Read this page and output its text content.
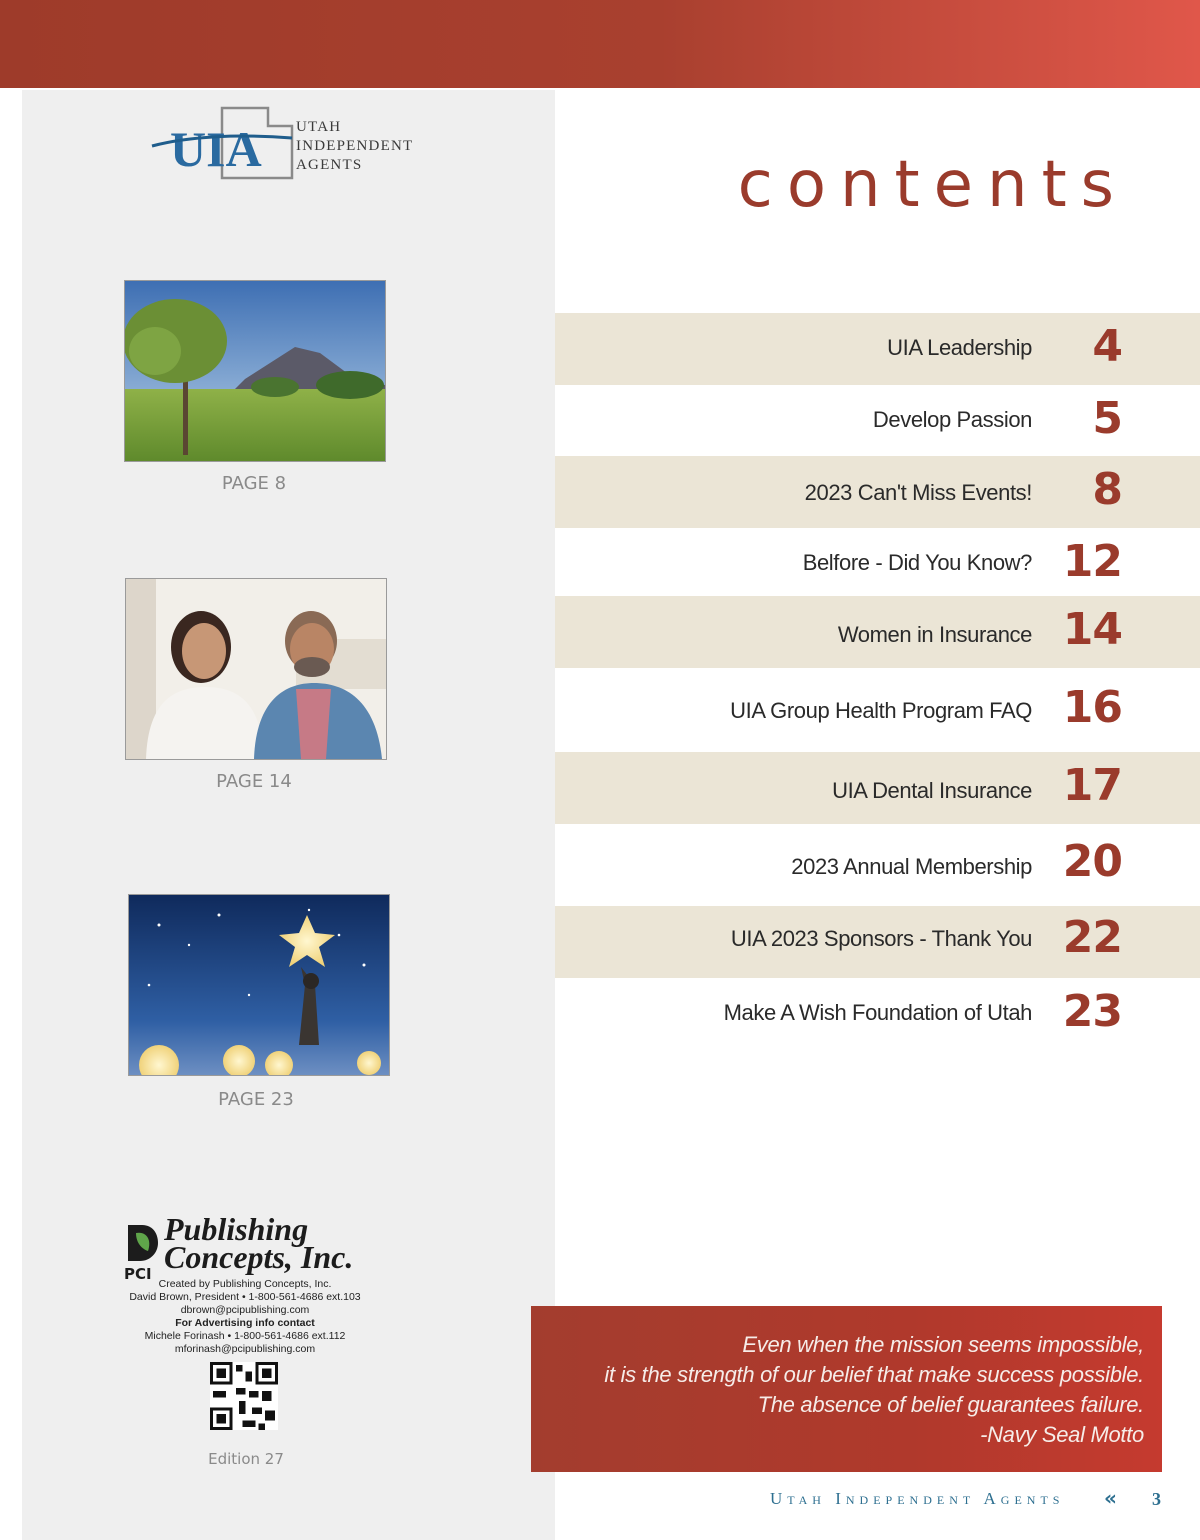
UIA UTAH
INDEPENDENT
AGENTS
PAGE 8
PAGE 14
PAGE 23
PCI
Publishing
Concepts, Inc.
Created by Publishing Concepts, Inc.
David Brown, President • 1-800-561-4686 ext.103
dbrown@pcipublishing.com
For Advertising info contact
Michele Forinash • 1-800-561-4686 ext.112
mforinash@pcipublishing.com
Edition 27
contents
UIA Leadership 4
Develop Passion 5
2023 Can't Miss Events! 8
Belfore - Did You Know? 12
Women in Insurance 14
UIA Group Health Program FAQ 16
UIA Dental Insurance 17
2023 Annual Membership 20
UIA 2023 Sponsors - Thank You 22
Make A Wish Foundation of Utah 23
Even when the mission seems impossible,
it is the strength of our belief that make success possible.
The absence of belief guarantees failure.
-Navy Seal Motto
Utah Independent Agents « 3
